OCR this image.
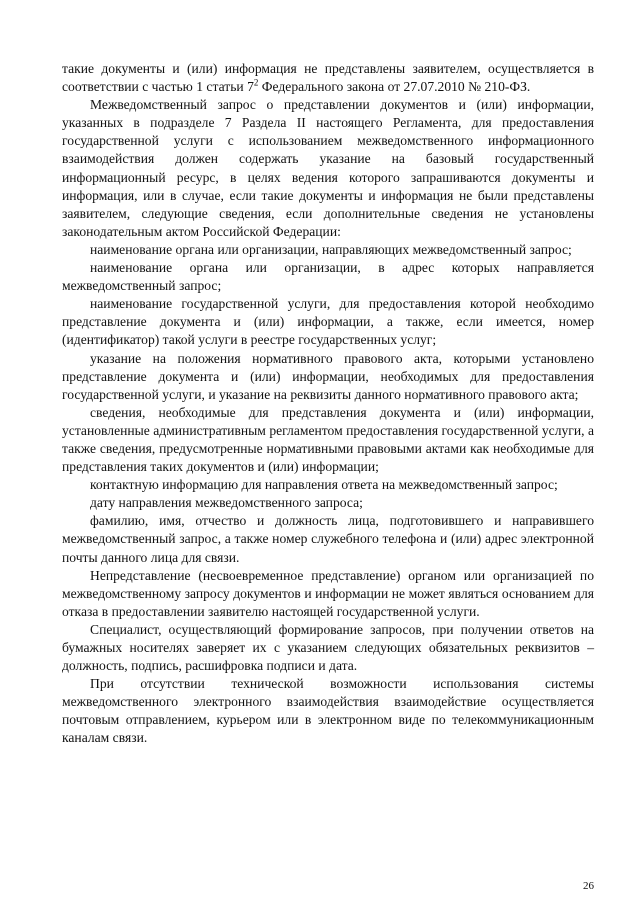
такие документы и (или) информация не представлены заявителем, осуществляется в соответствии с частью 1 статьи $7^2$ Федерального закона от 27.07.2010 № 210-ФЗ.

Межведомственный запрос о представлении документов и (или) информации, указанных в подразделе 7 Раздела II настоящего Регламента, для предоставления государственной услуги с использованием межведомственного информационного взаимодействия должен содержать указание на базовый государственный информационный ресурс, в целях ведения которого запрашиваются документы и информация, или в случае, если такие документы и информация не были представлены заявителем, следующие сведения, если дополнительные сведения не установлены законодательным актом Российской Федерации:

наименование органа или организации, направляющих межведомственный запрос;

наименование органа или организации, в адрес которых направляется межведомственный запрос;

наименование государственной услуги, для предоставления которой необходимо представление документа и (или) информации, а также, если имеется, номер (идентификатор) такой услуги в реестре государственных услуг;

указание на положения нормативного правового акта, которыми установлено представление документа и (или) информации, необходимых для предоставления государственной услуги, и указание на реквизиты данного нормативного правового акта;

сведения, необходимые для представления документа и (или) информации, установленные административным регламентом предоставления государственной услуги, а также сведения, предусмотренные нормативными правовыми актами как необходимые для представления таких документов и (или) информации;

контактную информацию для направления ответа на межведомственный запрос;

дату направления межведомственного запроса;

фамилию, имя, отчество и должность лица, подготовившего и направившего межведомственный запрос, а также номер служебного телефона и (или) адрес электронной почты данного лица для связи.

Непредставление (несвоевременное представление) органом или организацией по межведомственному запросу документов и информации не может являться основанием для отказа в предоставлении заявителю настоящей государственной услуги.

Специалист, осуществляющий формирование запросов, при получении ответов на бумажных носителях заверяет их с указанием следующих обязательных реквизитов – должность, подпись, расшифровка подписи и дата.

При отсутствии технической возможности использования системы межведомственного электронного взаимодействия взаимодействие осуществляется почтовым отправлением, курьером или в электронном виде по телекоммуникационным каналам связи.

26
